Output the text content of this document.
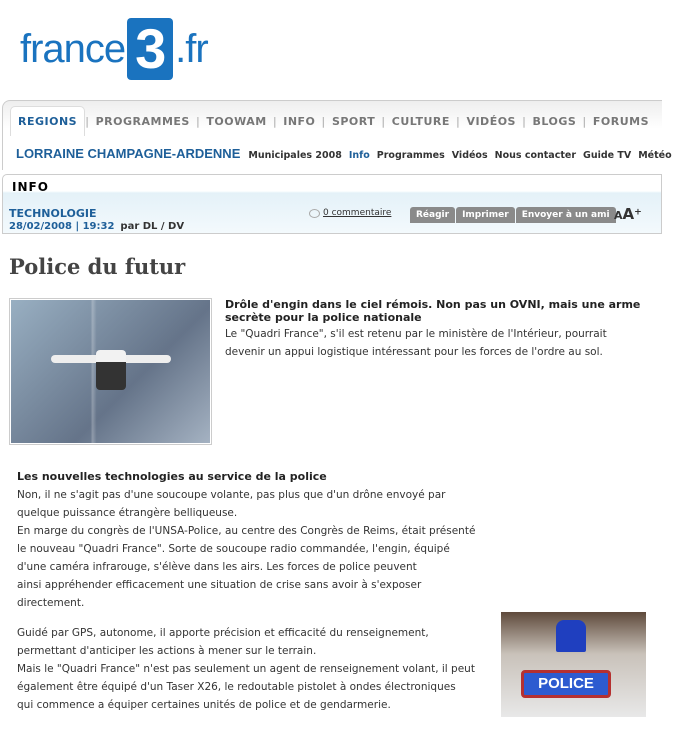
france 3 .fr
REGIONS | PROGRAMMES | TOOWAM | INFO | SPORT | CULTURE | VIDÉOS | BLOGS | FORUMS
LORRAINE CHAMPAGNE-ARDENNE Municipales 2008 Info Programmes Vidéos Nous contacter Guide TV Météo
INFO
TECHNOLOGIE
28/02/2008 | 19:32 par DL / DV
0 commentaire	Réagir	Imprimer	Envoyer à un ami AA+
Police du futur
Drôle d'engin dans le ciel rémois. Non pas un OVNI, mais une arme secrète pour la police nationale
Le "Quadri France", s'il est retenu par le ministère de l'Intérieur, pourrait
devenir un appui logistique intéressant pour les forces de l'ordre au sol.
Les nouvelles technologies au service de la police
Non, il ne s'agit pas d'une soucoupe volante, pas plus que d'un drône envoyé par
quelque puissance étrangère belliqueuse.
En marge du congrès de l'UNSA-Police, au centre des Congrès de Reims, était présenté
le nouveau "Quadri France". Sorte de soucoupe radio commandée, l'engin, équipé
d'une caméra infrarouge, s'élève dans les airs. Les forces de police peuvent
ainsi appréhender efficacement une situation de crise sans avoir à s'exposer
directement.
Guidé par GPS, autonome, il apporte précision et efficacité du renseignement,
permettant d'anticiper les actions à mener sur le terrain.
Mais le "Quadri France" n'est pas seulement un agent de renseignement volant, il peut
également être équipé d'un Taser X26, le redoutable pistolet à ondes électroniques
qui commence a équiper certaines unités de police et de gendarmerie.
POLICE
